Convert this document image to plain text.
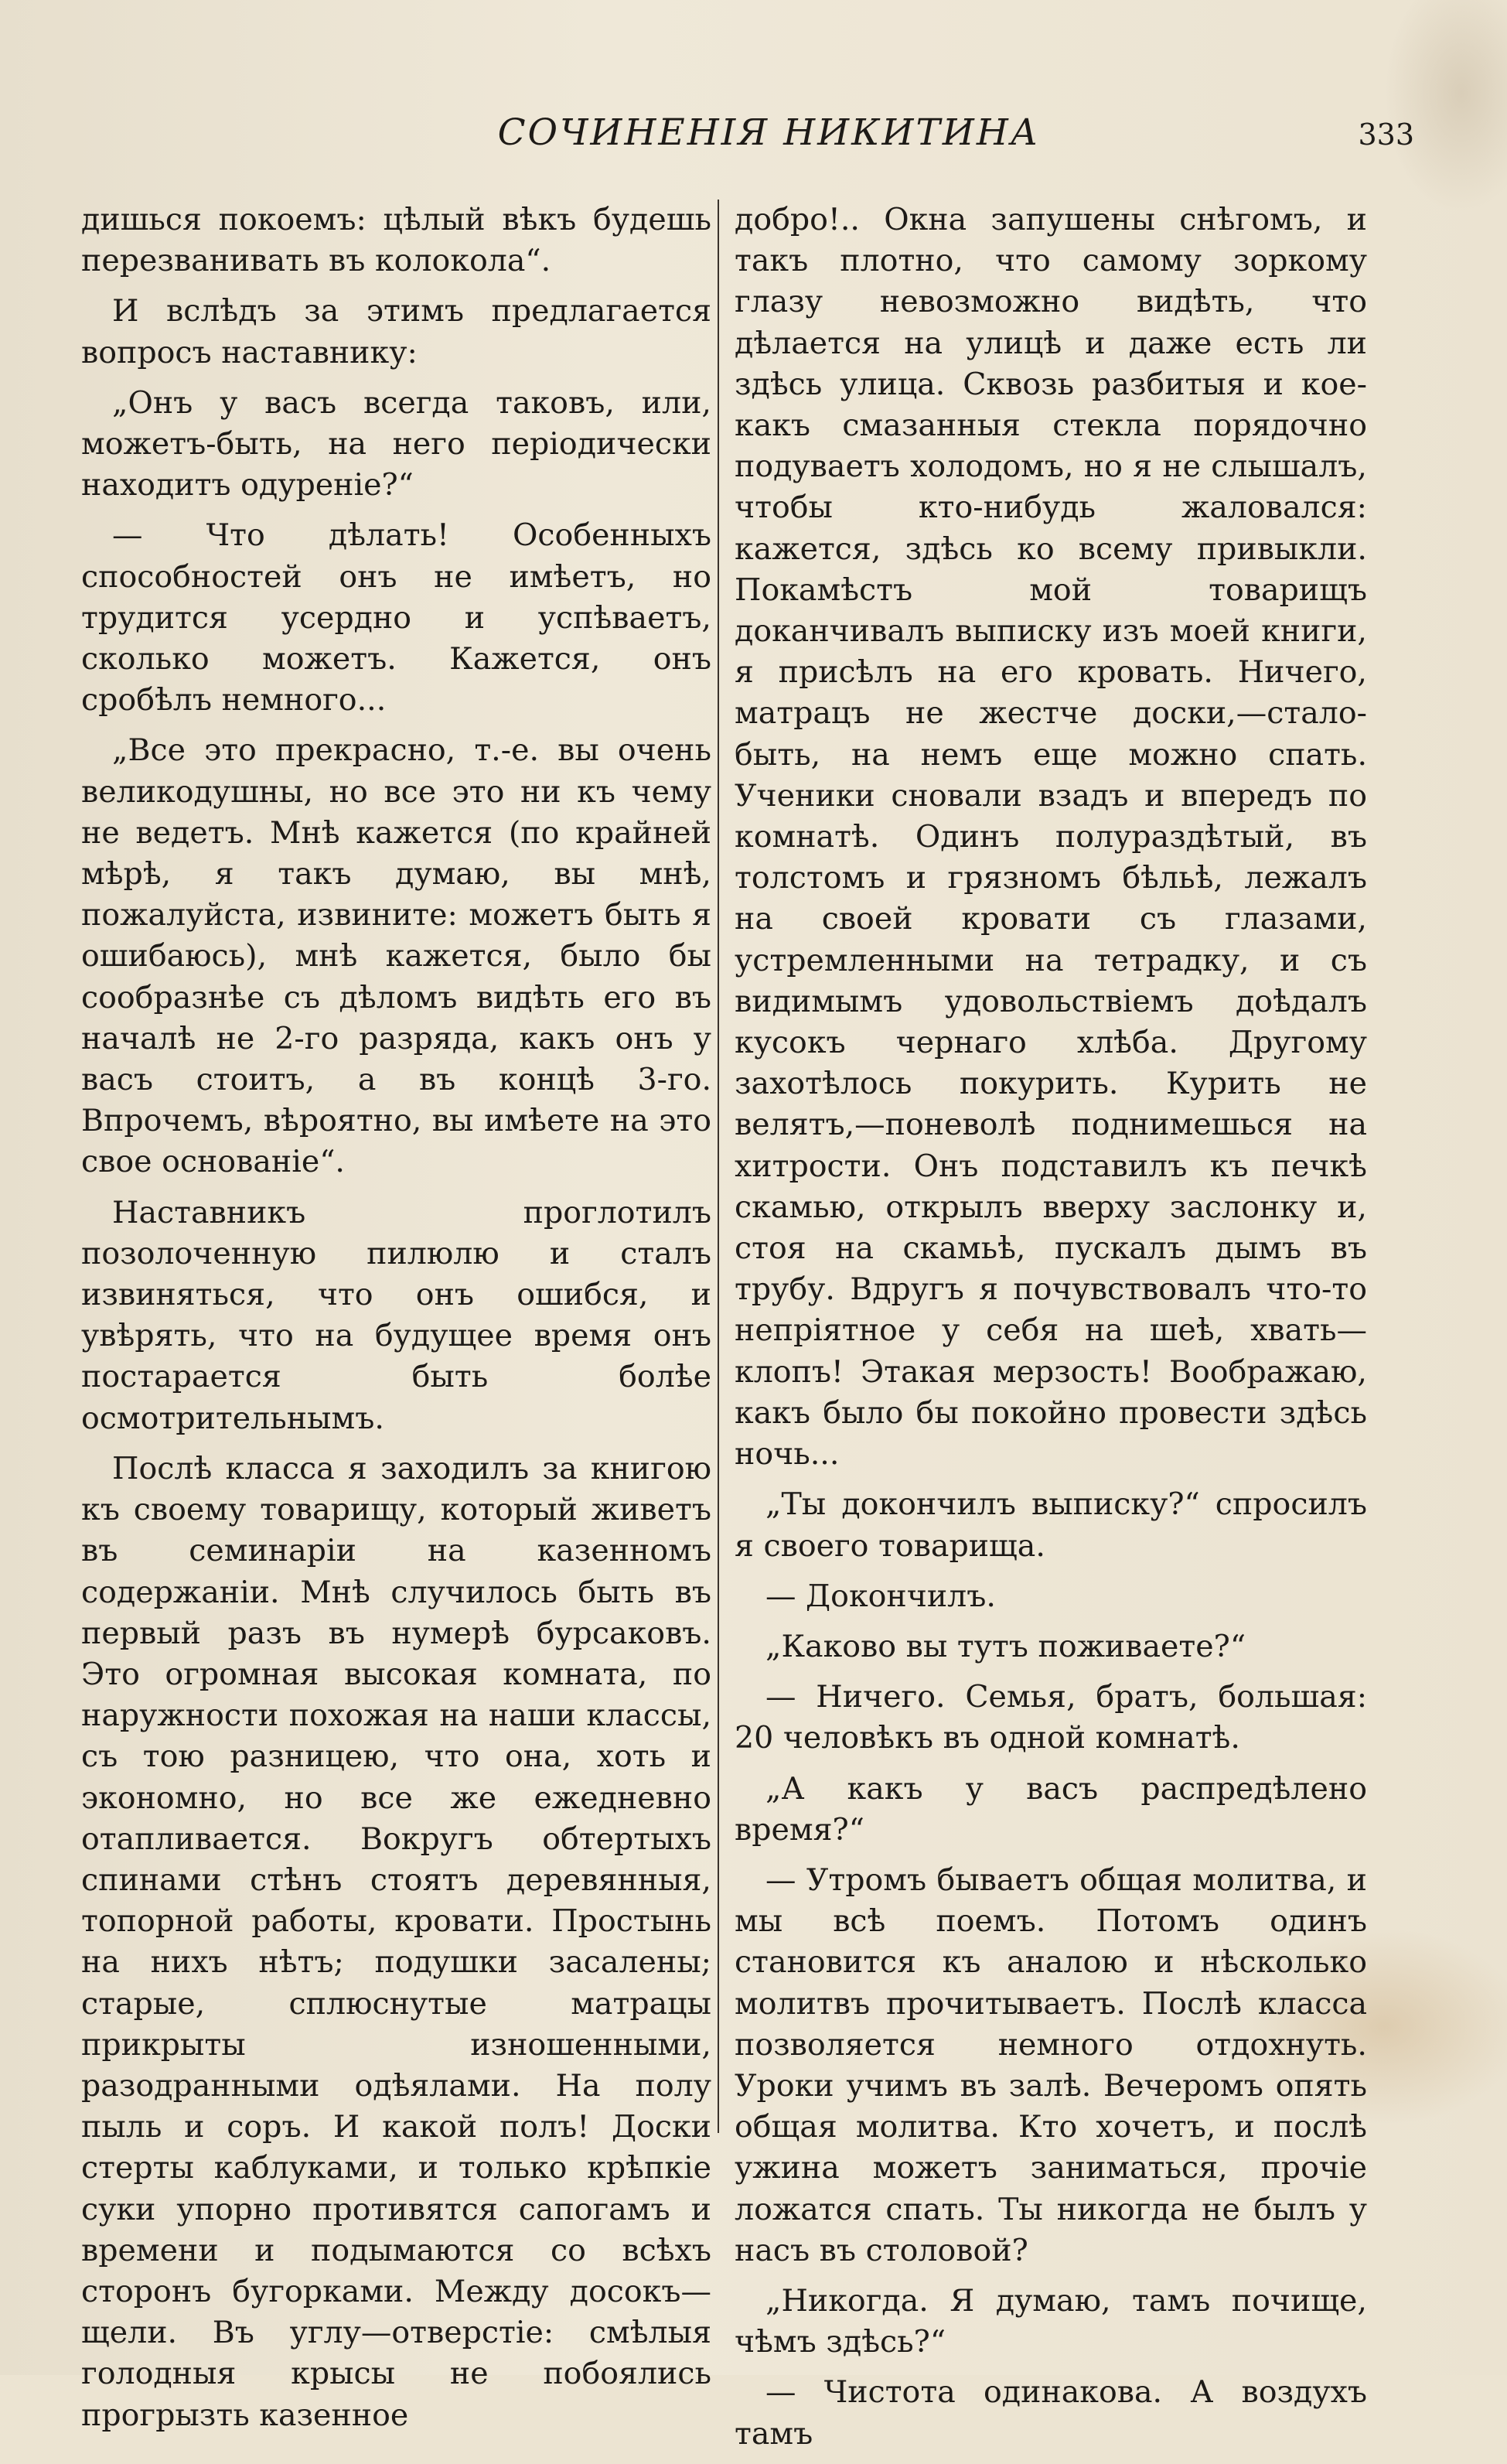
СОЧИНЕНІЯ НИКИТИНА	333

дишься покоемъ: цѣлый вѣкъ будешь перезванивать въ колокола“.

И вслѣдъ за этимъ предлагается вопросъ наставнику:

„Онъ у васъ всегда таковъ, или, можетъ-быть, на него періодически находитъ одуреніе?“

— Что дѣлать! Особенныхъ способностей онъ не имѣетъ, но трудится усердно и успѣваетъ, сколько можетъ. Кажется, онъ сробѣлъ немного...

„Все это прекрасно, т.-е. вы очень великодушны, но все это ни къ чему не ведетъ. Мнѣ кажется (по крайней мѣрѣ, я такъ думаю, вы мнѣ, пожалуйста, извините: можетъ быть я ошибаюсь), мнѣ кажется, было бы сообразнѣе съ дѣломъ видѣть его въ началѣ не 2-го разряда, какъ онъ у васъ стоитъ, а въ концѣ 3-го. Впрочемъ, вѣроятно, вы имѣете на это свое основаніе“.

Наставникъ проглотилъ позолоченную пилюлю и сталъ извиняться, что онъ ошибся, и увѣрять, что на будущее время онъ постарается быть болѣе осмотрительнымъ.

Послѣ класса я заходилъ за книгою къ своему товарищу, который живетъ въ семинаріи на казенномъ содержаніи. Мнѣ случилось быть въ первый разъ въ нумерѣ бурсаковъ. Это огромная высокая комната, по наружности похожая на наши классы, съ тою разницею, что она, хоть и экономно, но все же ежедневно отапливается. Вокругъ обтертыхъ спинами стѣнъ стоятъ деревянныя, топорной работы, кровати. Простынь на нихъ нѣтъ; подушки засалены; старые, сплюснутые матрацы прикрыты изношенными, разодранными одѣялами. На полу пыль и соръ. И какой полъ! Доски стерты каблуками, и только крѣпкіе суки упорно противятся сапогамъ и времени и подымаются со всѣхъ сторонъ бугорками. Между досокъ—щели. Въ углу—отверстіе: смѣлыя голодныя крысы не побоялись прогрызть казенное

добро!.. Окна запушены снѣгомъ, и такъ плотно, что самому зоркому глазу невозможно видѣть, что дѣлается на улицѣ и даже есть ли здѣсь улица. Сквозь разбитыя и кое-какъ смазанныя стекла порядочно подуваетъ холодомъ, но я не слышалъ, чтобы кто-нибудь жаловался: кажется, здѣсь ко всему привыкли. Покамѣстъ мой товарищъ доканчивалъ выписку изъ моей книги, я присѣлъ на его кровать. Ничего, матрацъ не жестче доски,—стало-быть, на немъ еще можно спать. Ученики сновали взадъ и впередъ по комнатѣ. Одинъ полураздѣтый, въ толстомъ и грязномъ бѣльѣ, лежалъ на своей кровати съ глазами, устремленными на тетрадку, и съ видимымъ удовольствіемъ доѣдалъ кусокъ чернаго хлѣба. Другому захотѣлось покурить. Курить не велятъ,—поневолѣ поднимешься на хитрости. Онъ подставилъ къ печкѣ скамью, открылъ вверху заслонку и, стоя на скамьѣ, пускалъ дымъ въ трубу. Вдругъ я почувствовалъ что-то непріятное у себя на шеѣ, хвать—клопъ! Этакая мерзость! Воображаю, какъ было бы покойно провести здѣсь ночь...

„Ты докончилъ выписку?“ спросилъ я своего товарища.

— Докончилъ.

„Каково вы тутъ поживаете?“

— Ничего. Семья, братъ, большая: 20 человѣкъ въ одной комнатѣ.

„А какъ у васъ распредѣлено время?“

— Утромъ бываетъ общая молитва, и мы всѣ поемъ. Потомъ одинъ становится къ аналою и нѣсколько молитвъ прочитываетъ. Послѣ класса позволяется немного отдохнуть. Уроки учимъ въ залѣ. Вечеромъ опять общая молитва. Кто хочетъ, и послѣ ужина можетъ заниматься, прочіе ложатся спать. Ты никогда не былъ у насъ въ столовой?

„Никогда. Я думаю, тамъ почище, чѣмъ здѣсь?“

— Чистота одинакова. А воздухъ тамъ
